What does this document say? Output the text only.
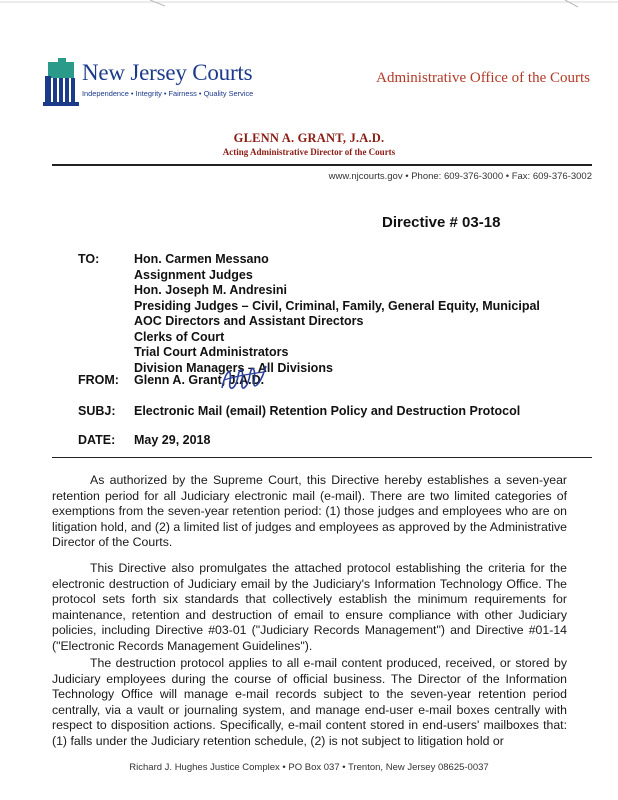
New Jersey Courts
Independence • Integrity • Fairness • Quality Service
Administrative Office of the Courts
GLENN A. GRANT, J.A.D.
Acting Administrative Director of the Courts
www.njcourts.gov • Phone: 609-376-3000 • Fax: 609-376-3002
Directive # 03-18
TO:	Hon. Carmen Messano
Assignment Judges
Hon. Joseph M. Andresini
Presiding Judges – Civil, Criminal, Family, General Equity, Municipal
AOC Directors and Assistant Directors
Clerks of Court
Trial Court Administrators
Division Managers – All Divisions
FROM: Glenn A. Grant, J.A.D.
SUBJ: Electronic Mail (email) Retention Policy and Destruction Protocol
DATE: May 29, 2018
As authorized by the Supreme Court, this Directive hereby establishes a seven-year retention period for all Judiciary electronic mail (e-mail). There are two limited categories of exemptions from the seven-year retention period: (1) those judges and employees who are on litigation hold, and (2) a limited list of judges and employees as approved by the Administrative Director of the Courts.
This Directive also promulgates the attached protocol establishing the criteria for the electronic destruction of Judiciary email by the Judiciary's Information Technology Office. The protocol sets forth six standards that collectively establish the minimum requirements for maintenance, retention and destruction of email to ensure compliance with other Judiciary policies, including Directive #03-01 ("Judiciary Records Management") and Directive #01-14 ("Electronic Records Management Guidelines").
The destruction protocol applies to all e-mail content produced, received, or stored by Judiciary employees during the course of official business. The Director of the Information Technology Office will manage e-mail records subject to the seven-year retention period centrally, via a vault or journaling system, and manage end-user e-mail boxes centrally with respect to disposition actions. Specifically, e-mail content stored in end-users' mailboxes that: (1) falls under the Judiciary retention schedule, (2) is not subject to litigation hold or
Richard J. Hughes Justice Complex • PO Box 037 • Trenton, New Jersey 08625-0037
